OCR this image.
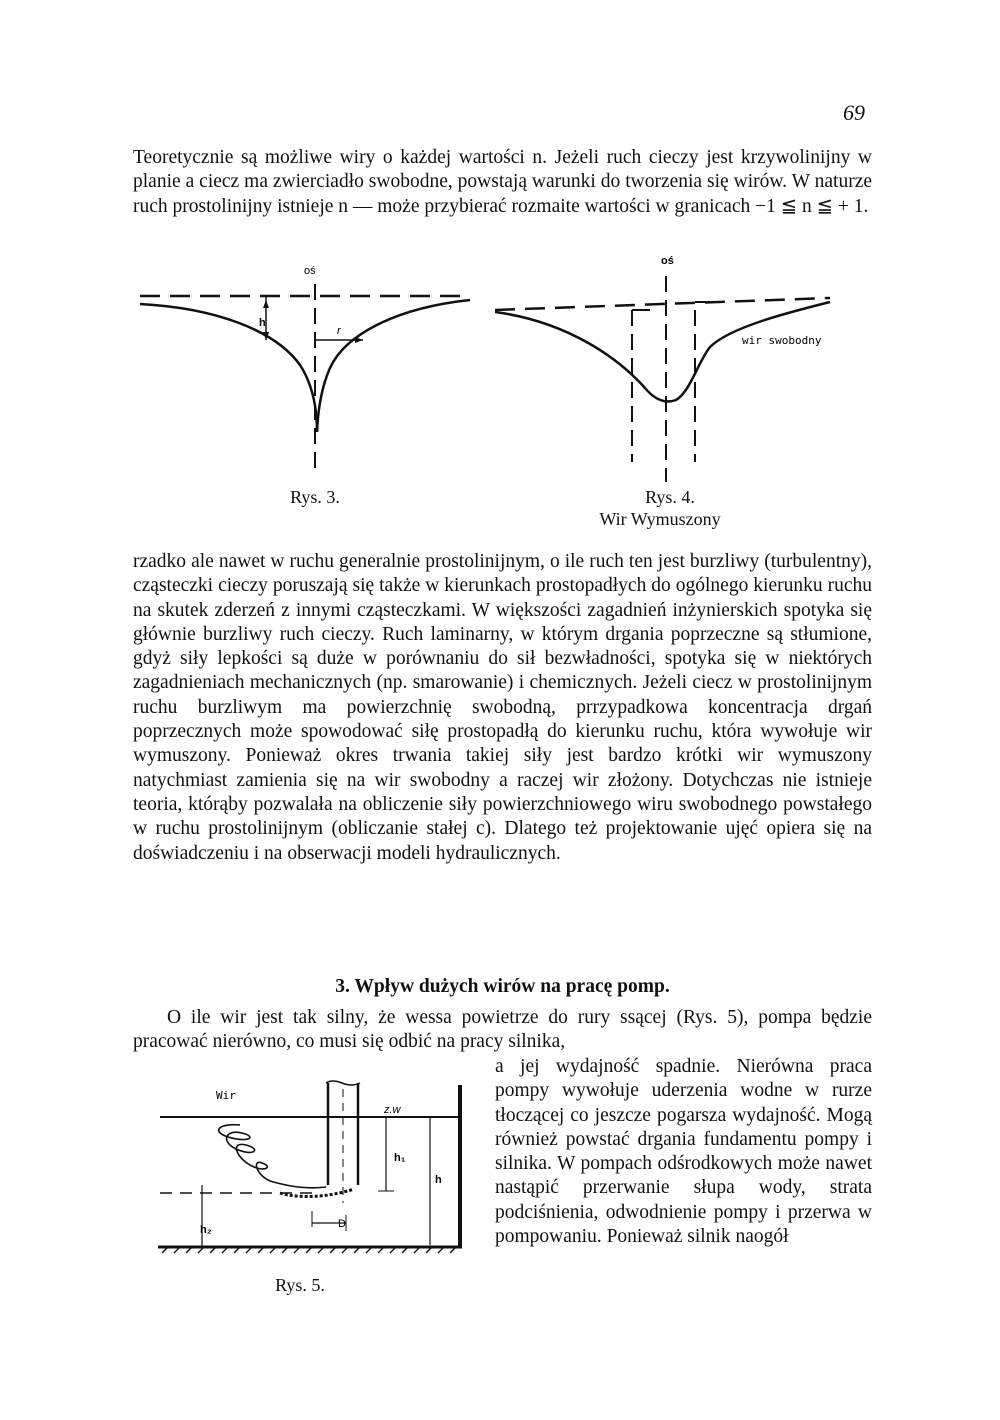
69

Teoretycznie są możliwe wiry o każdej wartości n. Jeżeli ruch cieczy jest krzywolinijny w planie a ciecz ma zwierciadło swobodne, powstają warunki do tworzenia się wirów. W naturze ruch prostolinijny istnieje n — może przybierać rozmaite wartości w granicach −1 ≦ n ≦ + 1.

h
r
oś
Rys. 3.
oś
wir swobodny
Rys. 4.
Wir Wymuszony

rzadko ale nawet w ruchu generalnie prostolinijnym, o ile ruch ten jest burzliwy (turbulentny), cząsteczki cieczy poruszają się także w kierunkach prostopadłych do ogólnego kierunku ruchu na skutek zderzeń z innymi cząsteczkami. W większości zagadnień inżynierskich spotyka się głównie burzliwy ruch cieczy. Ruch laminarny, w którym drgania poprzeczne są stłumione, gdyż siły lepkości są duże w porównaniu do sił bezwładności, spotyka się w niektórych zagadnieniach mechanicznych (np. smarowanie) i chemicznych. Jeżeli ciecz w prostolinijnym ruchu burzliwym ma powierzchnię swobodną, prrzypadkowa koncentracja drgań poprzecznych może spowodować siłę prostopadłą do kierunku ruchu, która wywołuje wir wymuszony. Ponieważ okres trwania takiej siły jest bardzo krótki wir wymuszony natychmiast zamienia się na wir swobodny a raczej wir złożony. Dotychczas nie istnieje teoria, którąby pozwalała na obliczenie siły powierzchniowego wiru swobodnego powstałego w ruchu prostolinijnym (obliczanie stałej c). Dlatego też projektowanie ujęć opiera się na doświadczeniu i na obserwacji modeli hydraulicznych.

3. Wpływ dużych wirów na pracę pomp.

O ile wir jest tak silny, że wessa powietrze do rury ssącej (Rys. 5), pompa będzie pracować nierówno, co musi się odbić na pracy silnika,

Wir
z.w
h₁
h
h₂	D
Rys. 5.

a jej wydajność spadnie. Nierówna praca pompy wywołuje uderzenia wodne w rurze tłoczącej co jeszcze pogarsza wydajność. Mogą również powstać drgania fundamentu pompy i silnika. W pompach odśrodkowych może nawet nastąpić przerwanie słupa wody, strata podciśnienia, odwodnienie pompy i przerwa w pompowaniu. Ponieważ silnik naogół
